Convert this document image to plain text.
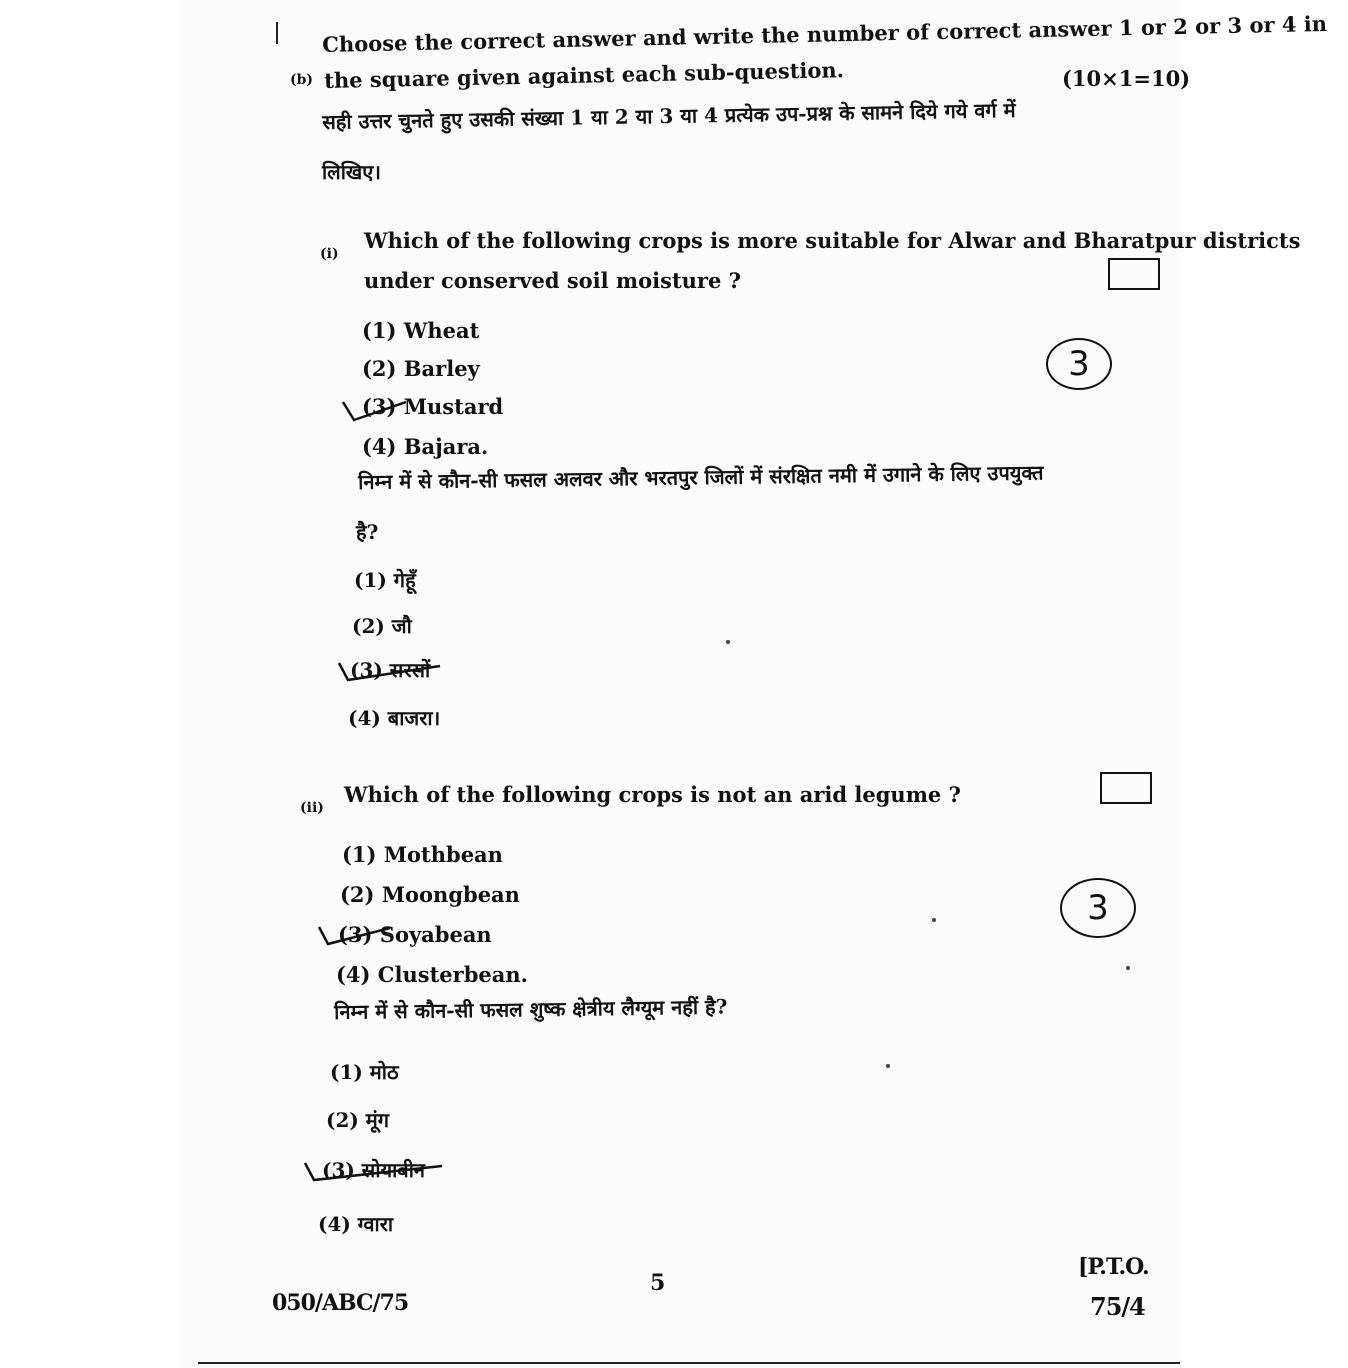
(b)
Choose the correct answer and write the number of correct answer 1 or 2 or 3 or 4 in
the square given against each sub-question.	(10×1=10)
सही उत्तर चुनते हुए उसकी संख्या 1 या 2 या 3 या 4 प्रत्येक उप-प्रश्न के सामने दिये गये वर्ग में
लिखिए।
(i)
Which of the following crops is more suitable for Alwar and Bharatpur districts
under conserved soil moisture ?
(1) Wheat
(2) Barley
(3) Mustard
(4) Bajara.
3
निम्न में से कौन-सी फसल अलवर और भरतपुर जिलों में संरक्षित नमी में उगाने के लिए उपयुक्त
है?
(1) गेहूँ
(2) जौ
(3) सरसों
(4) बाजरा।
(ii)
Which of the following crops is not an arid legume ?
(1) Mothbean
(2) Moongbean
(3) Soyabean
(4) Clusterbean.
3
निम्न में से कौन-सी फसल शुष्क क्षेत्रीय लैग्यूम नहीं है?
(1) मोठ
(2) मूंग
(3) सोयाबीन
(4) ग्वारा
050/ABC/75
5
[P.T.O.
75/4
